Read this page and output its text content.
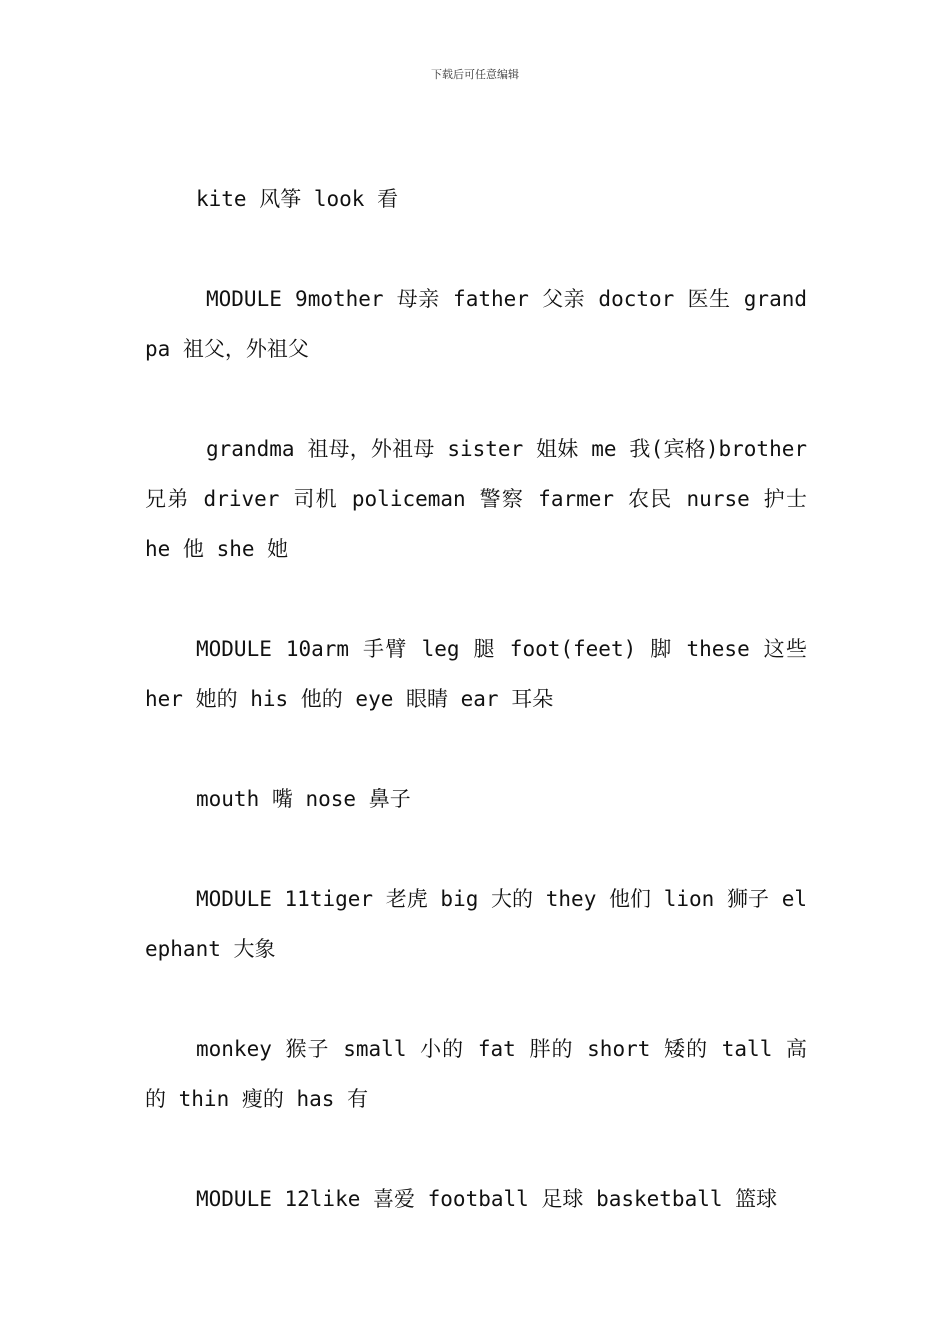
下载后可任意编辑

kite 风筝 look 看

MODULE 9mother 母亲 father 父亲 doctor 医生 grandpa 祖父，外祖父

grandma 祖母，外祖母 sister 姐妹 me 我(宾格)brother 兄弟 driver 司机 policeman 警察 farmer 农民 nurse 护士 he 他 she 她

MODULE 10arm 手臂 leg 腿 foot(feet) 脚 these 这些 her 她的 his 他的 eye 眼睛 ear 耳朵

mouth 嘴 nose 鼻子

MODULE 11tiger 老虎 big 大的 they 他们 lion 狮子 elephant 大象

monkey 猴子 small 小的 fat 胖的 short 矮的 tall 高的 thin 瘦的 has 有

MODULE 12like 喜爱 football 足球 basketball 篮球
